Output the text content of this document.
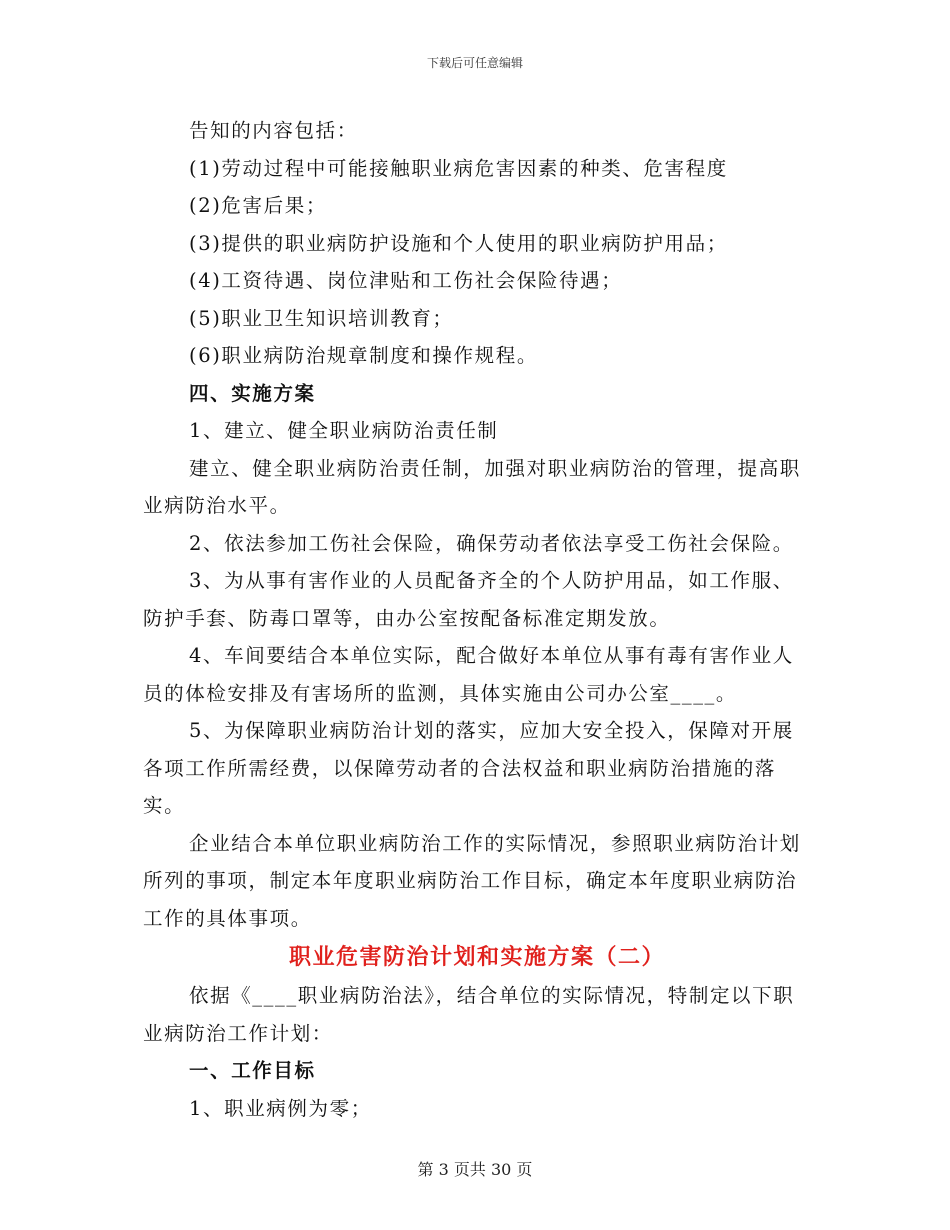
下载后可任意编辑

告知的内容包括：

(1)劳动过程中可能接触职业病危害因素的种类、危害程度

(2)危害后果；

(3)提供的职业病防护设施和个人使用的职业病防护用品；

(4)工资待遇、岗位津贴和工伤社会保险待遇；

(5)职业卫生知识培训教育；

(6)职业病防治规章制度和操作规程。

四、实施方案

1、建立、健全职业病防治责任制

建立、健全职业病防治责任制，加强对职业病防治的管理，提高职业病防治水平。

2、依法参加工伤社会保险，确保劳动者依法享受工伤社会保险。

3、为从事有害作业的人员配备齐全的个人防护用品，如工作服、防护手套、防毒口罩等，由办公室按配备标准定期发放。

4、车间要结合本单位实际，配合做好本单位从事有毒有害作业人员的体检安排及有害场所的监测，具体实施由公司办公室____。

5、为保障职业病防治计划的落实，应加大安全投入，保障对开展各项工作所需经费，以保障劳动者的合法权益和职业病防治措施的落实。

企业结合本单位职业病防治工作的实际情况，参照职业病防治计划所列的事项，制定本年度职业病防治工作目标，确定本年度职业病防治工作的具体事项。

职业危害防治计划和实施方案（二）

依据《____职业病防治法》，结合单位的实际情况，特制定以下职业病防治工作计划：

一、工作目标

1、职业病例为零；

第 3 页共 30 页
